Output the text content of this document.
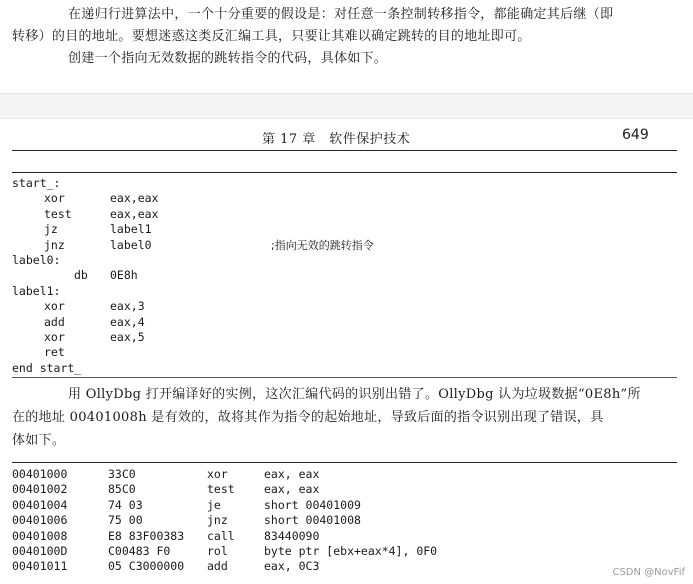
在递归行进算法中，一个十分重要的假设是：对任意一条控制转移指令，都能确定其后继（即
转移）的目的地址。要想迷惑这类反汇编工具，只要让其难以确定跳转的目的地址即可。
创建一个指向无效数据的跳转指令的代码，具体如下。
第 17 章　软件保护技术	649
start_:
xor	eax,eax
test	eax,eax
jz	label1
jnz	label0	;指向无效的跳转指令
label0:
db 0E8h
label1:
xor	eax,3
add	eax,4
xor	eax,5
ret
end start_
用 OllyDbg 打开编译好的实例，这次汇编代码的识别出错了。OllyDbg 认为垃圾数据“0E8h”所
在的地址 00401008h 是有效的，故将其作为指令的起始地址，导致后面的指令识别出现了错误，具
体如下。
00401000	33C0	xor	eax, eax
00401002	85C0	test	eax, eax
00401004	74 03	je	short 00401009
00401006	75 00	jnz	short 00401008
00401008	E8 83F00383 call	83440090
0040100D	C00483 F0	rol	byte ptr [ebx+eax*4], 0F0
00401011	05 C3000000 add	eax, 0C3	CSDN @NovFif
